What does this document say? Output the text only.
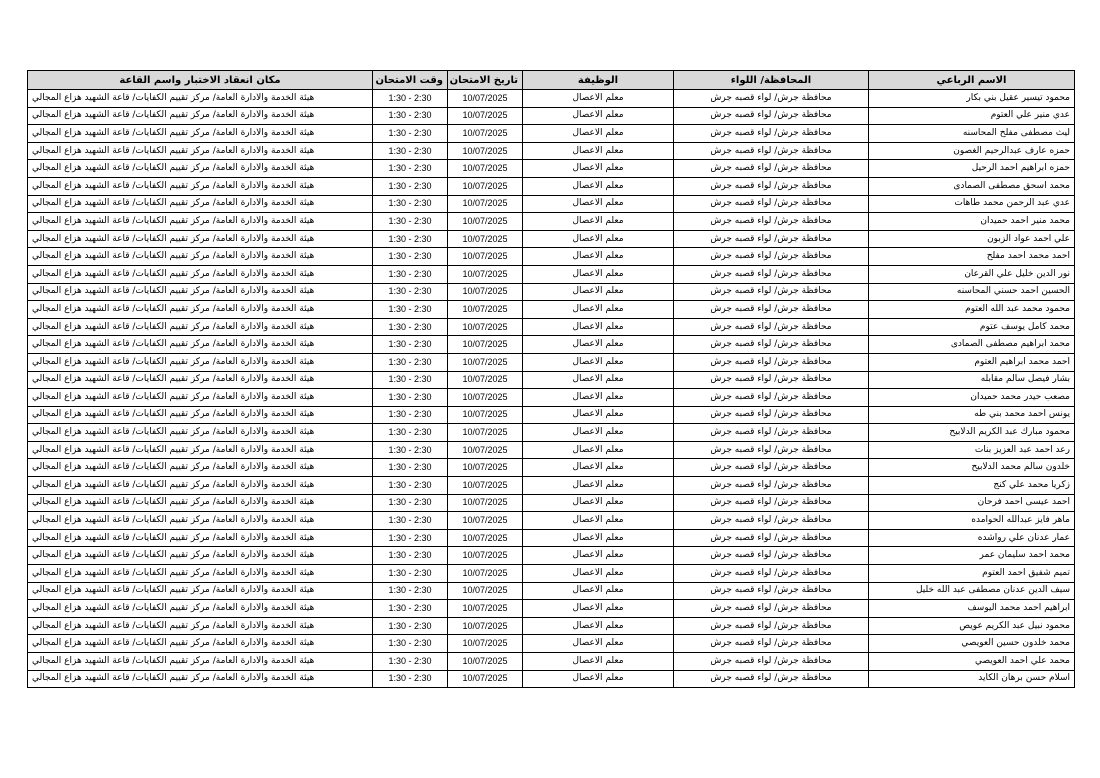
الاسم الرباعي	المحافظة/ اللواء	الوظيفة	تاريخ الامتحان	وقت الامتحان	مكان انعقاد الاختبار واسم القاعة
محمود تيسير عقيل بني بكار	محافظة جرش/ لواء قصبه جرش	معلم الاعصال	10/07/2025	1:30 - 2:30	هيئة الخدمة والادارة العامة/ مركز تقييم الكفايات/ قاعة الشهيد هزاع المجالي
عدي منير علي العتوم	محافظة جرش/ لواء قصبه جرش	معلم الاعصال	10/07/2025	1:30 - 2:30	هيئة الخدمة والادارة العامة/ مركز تقييم الكفايات/ قاعة الشهيد هزاع المجالي
ليث مصطفى مفلح المحاسنه	محافظة جرش/ لواء قصبه جرش	معلم الاعصال	10/07/2025	1:30 - 2:30	هيئة الخدمة والادارة العامة/ مركز تقييم الكفايات/ قاعة الشهيد هزاع المجالي
حمزه عارف عبدالرحيم الغصون	محافظة جرش/ لواء قصبه جرش	معلم الاعصال	10/07/2025	1:30 - 2:30	هيئة الخدمة والادارة العامة/ مركز تقييم الكفايات/ قاعة الشهيد هزاع المجالي
حمزه ابراهيم احمد الرحيل	محافظة جرش/ لواء قصبه جرش	معلم الاعصال	10/07/2025	1:30 - 2:30	هيئة الخدمة والادارة العامة/ مركز تقييم الكفايات/ قاعة الشهيد هزاع المجالي
محمد اسحق مصطفى الصمادى	محافظة جرش/ لواء قصبه جرش	معلم الاعصال	10/07/2025	1:30 - 2:30	هيئة الخدمة والادارة العامة/ مركز تقييم الكفايات/ قاعة الشهيد هزاع المجالي
عدي عبد الرحمن محمد طاهات	محافظة جرش/ لواء قصبه جرش	معلم الاعصال	10/07/2025	1:30 - 2:30	هيئة الخدمة والادارة العامة/ مركز تقييم الكفايات/ قاعة الشهيد هزاع المجالي
محمد منير احمد حميدان	محافظة جرش/ لواء قصبه جرش	معلم الاعصال	10/07/2025	1:30 - 2:30	هيئة الخدمة والادارة العامة/ مركز تقييم الكفايات/ قاعة الشهيد هزاع المجالي
علي احمد عواد الزبون	محافظة جرش/ لواء قصبه جرش	معلم الاعصال	10/07/2025	1:30 - 2:30	هيئة الخدمة والادارة العامة/ مركز تقييم الكفايات/ قاعة الشهيد هزاع المجالي
احمد محمد احمد مفلح	محافظة جرش/ لواء قصبه جرش	معلم الاعصال	10/07/2025	1:30 - 2:30	هيئة الخدمة والادارة العامة/ مركز تقييم الكفايات/ قاعة الشهيد هزاع المجالي
نور الدين خليل علي القرعان	محافظة جرش/ لواء قصبه جرش	معلم الاعصال	10/07/2025	1:30 - 2:30	هيئة الخدمة والادارة العامة/ مركز تقييم الكفايات/ قاعة الشهيد هزاع المجالي
الحسين احمد حسني المحاسنه	محافظة جرش/ لواء قصبه جرش	معلم الاعصال	10/07/2025	1:30 - 2:30	هيئة الخدمة والادارة العامة/ مركز تقييم الكفايات/ قاعة الشهيد هزاع المجالي
محمود محمد عبد الله العتوم	محافظة جرش/ لواء قصبه جرش	معلم الاعصال	10/07/2025	1:30 - 2:30	هيئة الخدمة والادارة العامة/ مركز تقييم الكفايات/ قاعة الشهيد هزاع المجالي
محمد كامل يوسف عتوم	محافظة جرش/ لواء قصبه جرش	معلم الاعصال	10/07/2025	1:30 - 2:30	هيئة الخدمة والادارة العامة/ مركز تقييم الكفايات/ قاعة الشهيد هزاع المجالي
محمد ابراهيم مصطفى الصمادى	محافظة جرش/ لواء قصبه جرش	معلم الاعصال	10/07/2025	1:30 - 2:30	هيئة الخدمة والادارة العامة/ مركز تقييم الكفايات/ قاعة الشهيد هزاع المجالي
احمد محمد ابراهيم العتوم	محافظة جرش/ لواء قصبه جرش	معلم الاعصال	10/07/2025	1:30 - 2:30	هيئة الخدمة والادارة العامة/ مركز تقييم الكفايات/ قاعة الشهيد هزاع المجالي
بشار فيصل سالم مقابله	محافظة جرش/ لواء قصبه جرش	معلم الاعصال	10/07/2025	1:30 - 2:30	هيئة الخدمة والادارة العامة/ مركز تقييم الكفايات/ قاعة الشهيد هزاع المجالي
مصعب حيدر محمد حميدان	محافظة جرش/ لواء قصبه جرش	معلم الاعصال	10/07/2025	1:30 - 2:30	هيئة الخدمة والادارة العامة/ مركز تقييم الكفايات/ قاعة الشهيد هزاع المجالي
يونس احمد محمد بني طه	محافظة جرش/ لواء قصبه جرش	معلم الاعصال	10/07/2025	1:30 - 2:30	هيئة الخدمة والادارة العامة/ مركز تقييم الكفايات/ قاعة الشهيد هزاع المجالي
محمود مبارك عبد الكريم الدلابيح	محافظة جرش/ لواء قصبه جرش	معلم الاعصال	10/07/2025	1:30 - 2:30	هيئة الخدمة والادارة العامة/ مركز تقييم الكفايات/ قاعة الشهيد هزاع المجالي
رعد احمد عبد العزيز بنات	محافظة جرش/ لواء قصبه جرش	معلم الاعصال	10/07/2025	1:30 - 2:30	هيئة الخدمة والادارة العامة/ مركز تقييم الكفايات/ قاعة الشهيد هزاع المجالي
خلدون سالم محمد الدلابيح	محافظة جرش/ لواء قصبه جرش	معلم الاعصال	10/07/2025	1:30 - 2:30	هيئة الخدمة والادارة العامة/ مركز تقييم الكفايات/ قاعة الشهيد هزاع المجالي
زكريا محمد علي كنج	محافظة جرش/ لواء قصبه جرش	معلم الاعصال	10/07/2025	1:30 - 2:30	هيئة الخدمة والادارة العامة/ مركز تقييم الكفايات/ قاعة الشهيد هزاع المجالي
احمد عيسى احمد فرحان	محافظة جرش/ لواء قصبه جرش	معلم الاعصال	10/07/2025	1:30 - 2:30	هيئة الخدمة والادارة العامة/ مركز تقييم الكفايات/ قاعة الشهيد هزاع المجالي
ماهر فايز عبدالله الحوامده	محافظة جرش/ لواء قصبه جرش	معلم الاعصال	10/07/2025	1:30 - 2:30	هيئة الخدمة والادارة العامة/ مركز تقييم الكفايات/ قاعة الشهيد هزاع المجالي
عمار عدنان علي رواشده	محافظة جرش/ لواء قصبه جرش	معلم الاعصال	10/07/2025	1:30 - 2:30	هيئة الخدمة والادارة العامة/ مركز تقييم الكفايات/ قاعة الشهيد هزاع المجالي
محمد احمد سليمان عمر	محافظة جرش/ لواء قصبه جرش	معلم الاعصال	10/07/2025	1:30 - 2:30	هيئة الخدمة والادارة العامة/ مركز تقييم الكفايات/ قاعة الشهيد هزاع المجالي
تميم شفيق احمد العتوم	محافظة جرش/ لواء قصبه جرش	معلم الاعصال	10/07/2025	1:30 - 2:30	هيئة الخدمة والادارة العامة/ مركز تقييم الكفايات/ قاعة الشهيد هزاع المجالي
سيف الدين عدنان مصطفى عبد الله خليل	محافظة جرش/ لواء قصبه جرش	معلم الاعصال	10/07/2025	1:30 - 2:30	هيئة الخدمة والادارة العامة/ مركز تقييم الكفايات/ قاعة الشهيد هزاع المجالي
ابراهيم احمد محمد اليوسف	محافظة جرش/ لواء قصبه جرش	معلم الاعصال	10/07/2025	1:30 - 2:30	هيئة الخدمة والادارة العامة/ مركز تقييم الكفايات/ قاعة الشهيد هزاع المجالي
محمود نبيل عبد الكريم عويص	محافظة جرش/ لواء قصبه جرش	معلم الاعصال	10/07/2025	1:30 - 2:30	هيئة الخدمة والادارة العامة/ مركز تقييم الكفايات/ قاعة الشهيد هزاع المجالي
محمد خلدون حسين العويصي	محافظة جرش/ لواء قصبه جرش	معلم الاعصال	10/07/2025	1:30 - 2:30	هيئة الخدمة والادارة العامة/ مركز تقييم الكفايات/ قاعة الشهيد هزاع المجالي
محمد علي احمد العويصي	محافظة جرش/ لواء قصبه جرش	معلم الاعصال	10/07/2025	1:30 - 2:30	هيئة الخدمة والادارة العامة/ مركز تقييم الكفايات/ قاعة الشهيد هزاع المجالي
اسلام حسن برهان الكايد	محافظة جرش/ لواء قصبه جرش	معلم الاعصال	10/07/2025	1:30 - 2:30	هيئة الخدمة والادارة العامة/ مركز تقييم الكفايات/ قاعة الشهيد هزاع المجالي
